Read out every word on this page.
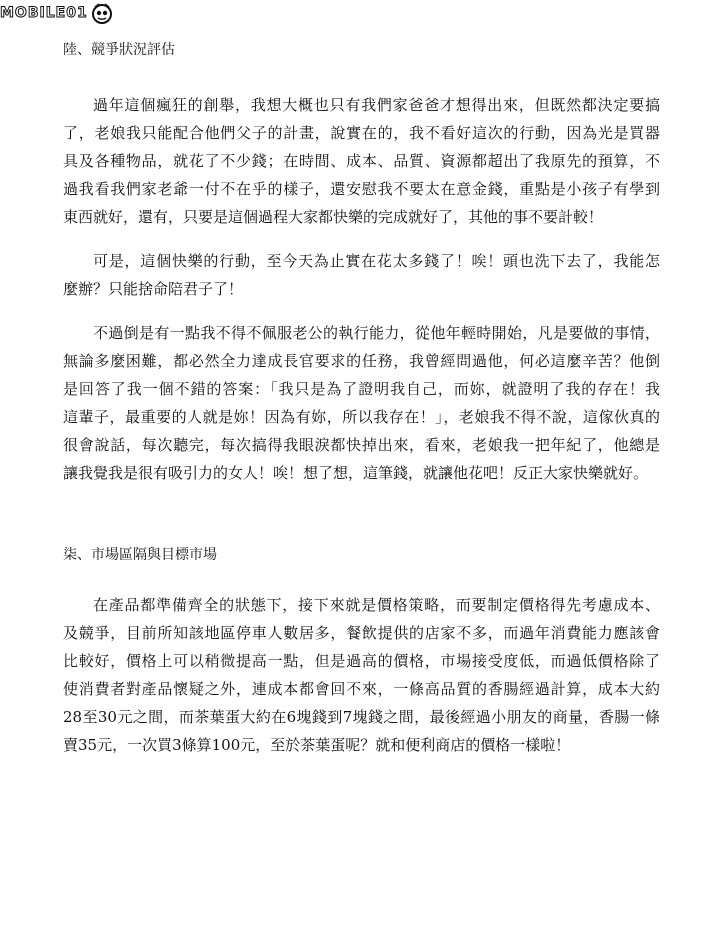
MOBILE01
陸、競爭狀況評估
過年這個瘋狂的創舉，我想大概也只有我們家爸爸才想得出來，但既然都決定要搞
了，老娘我只能配合他們父子的計畫，說實在的，我不看好這次的行動，因為光是買器
具及各種物品，就花了不少錢；在時間、成本、品質、資源都超出了我原先的預算，不
過我看我們家老爺一付不在乎的樣子，還安慰我不要太在意金錢，重點是小孩子有學到
東西就好，還有，只要是這個過程大家都快樂的完成就好了，其他的事不要計較！
可是，這個快樂的行動，至今天為止實在花太多錢了！唉！頭也洗下去了，我能怎
麼辦？只能捨命陪君子了！
不過倒是有一點我不得不佩服老公的執行能力，從他年輕時開始，凡是要做的事情，
無論多麼困難，都必然全力達成長官要求的任務，我曾經問過他，何必這麼辛苦？他倒
是回答了我一個不錯的答案：「我只是為了證明我自己，而妳，就證明了我的存在！我
這輩子，最重要的人就是妳！因為有妳，所以我存在！」，老娘我不得不說，這傢伙真的
很會說話，每次聽完，每次搞得我眼淚都快掉出來，看來，老娘我一把年紀了，他總是
讓我覺我是很有吸引力的女人！唉！想了想，這筆錢，就讓他花吧！反正大家快樂就好。
柒、市場區隔與目標市場
在產品都準備齊全的狀態下，接下來就是價格策略，而要制定價格得先考慮成本、
及競爭，目前所知該地區停車人數居多，餐飲提供的店家不多，而過年消費能力應該會
比較好，價格上可以稍微提高一點，但是過高的價格，市場接受度低，而過低價格除了
使消費者對產品懷疑之外，連成本都會回不來，一條高品質的香腸經過計算，成本大約
28至30元之間，而茶葉蛋大約在6塊錢到7塊錢之間，最後經過小朋友的商量，香腸一條
賣35元，一次買3條算100元，至於茶葉蛋呢？就和便利商店的價格一樣啦！
